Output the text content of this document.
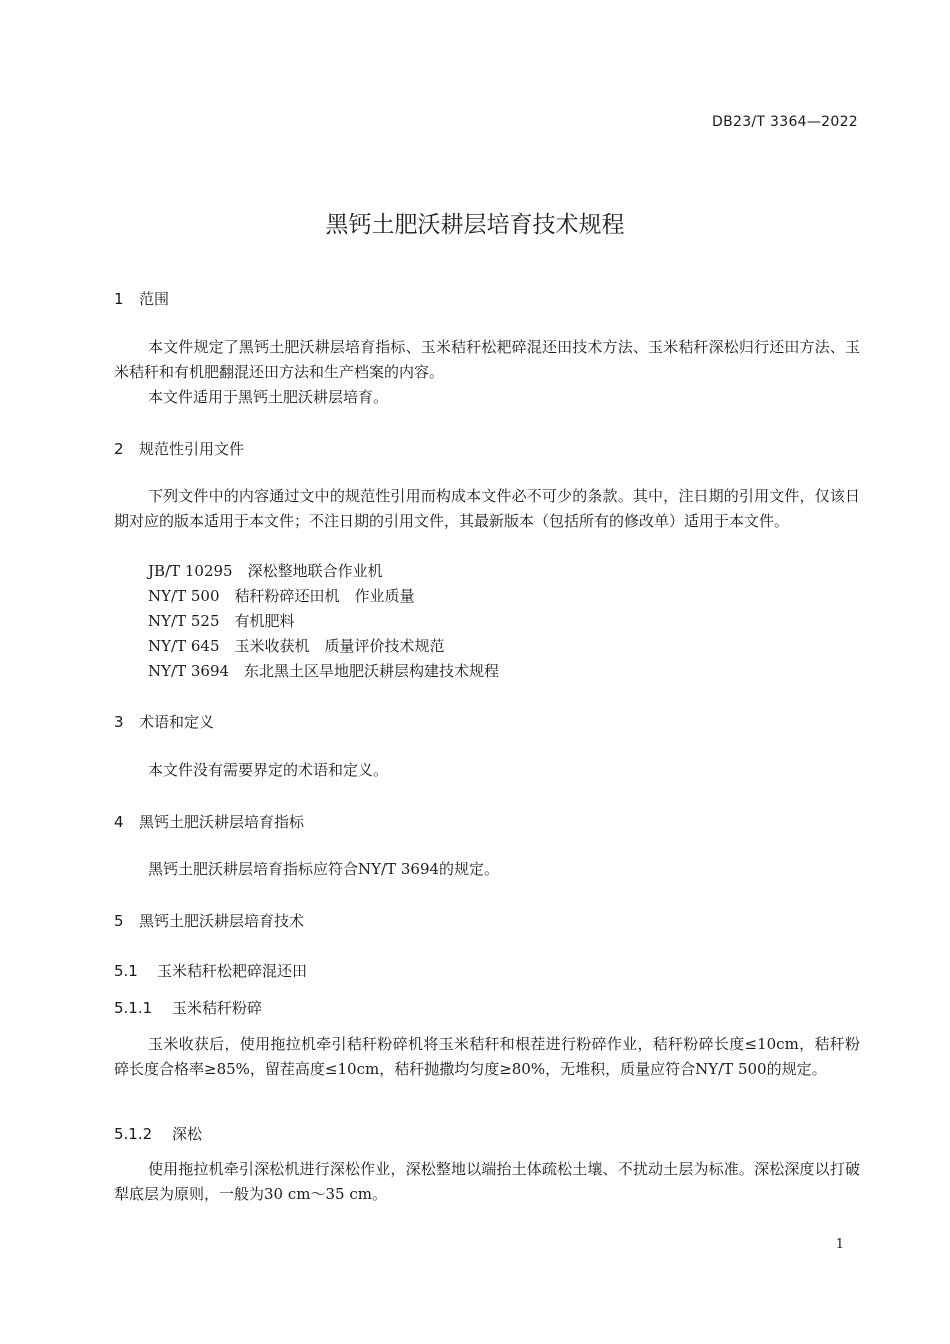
DB23/T 3364—2022
黑钙土肥沃耕层培育技术规程
1 范围

本文件规定了黑钙土肥沃耕层培育指标、玉米秸秆松耙碎混还田技术方法、玉米秸秆深松归行还田方法、玉米秸秆和有机肥翻混还田方法和生产档案的内容。

本文件适用于黑钙土肥沃耕层培育。

2 规范性引用文件

下列文件中的内容通过文中的规范性引用而构成本文件必不可少的条款。其中，注日期的引用文件，仅该日期对应的版本适用于本文件；不注日期的引用文件，其最新版本（包括所有的修改单）适用于本文件。

JB/T 10295　 深松整地联合作业机

NY/T 500　 秸秆粉碎还田机　作业质量

NY/T 525　 有机肥料

NY/T 645　 玉米收获机　质量评价技术规范

NY/T 3694　 东北黑土区旱地肥沃耕层构建技术规程

3 术语和定义

本文件没有需要界定的术语和定义。

4 黑钙土肥沃耕层培育指标

黑钙土肥沃耕层培育指标应符合NY/T 3694的规定。

5 黑钙土肥沃耕层培育技术
5.1 玉米秸秆松耙碎混还田
5.1.1 玉米秸秆粉碎

玉米收获后，使用拖拉机牵引秸秆粉碎机将玉米秸秆和根茬进行粉碎作业，秸秆粉碎长度≤10cm，秸秆粉碎长度合格率≥85%，留茬高度≤10cm，秸秆抛撒均匀度≥80%，无堆积，质量应符合NY/T 500的规定。

5.1.2 深松

使用拖拉机牵引深松机进行深松作业，深松整地以端抬土体疏松土壤、不扰动土层为标准。深松深度以打破犁底层为原则，一般为30 cm～35 cm。

1
